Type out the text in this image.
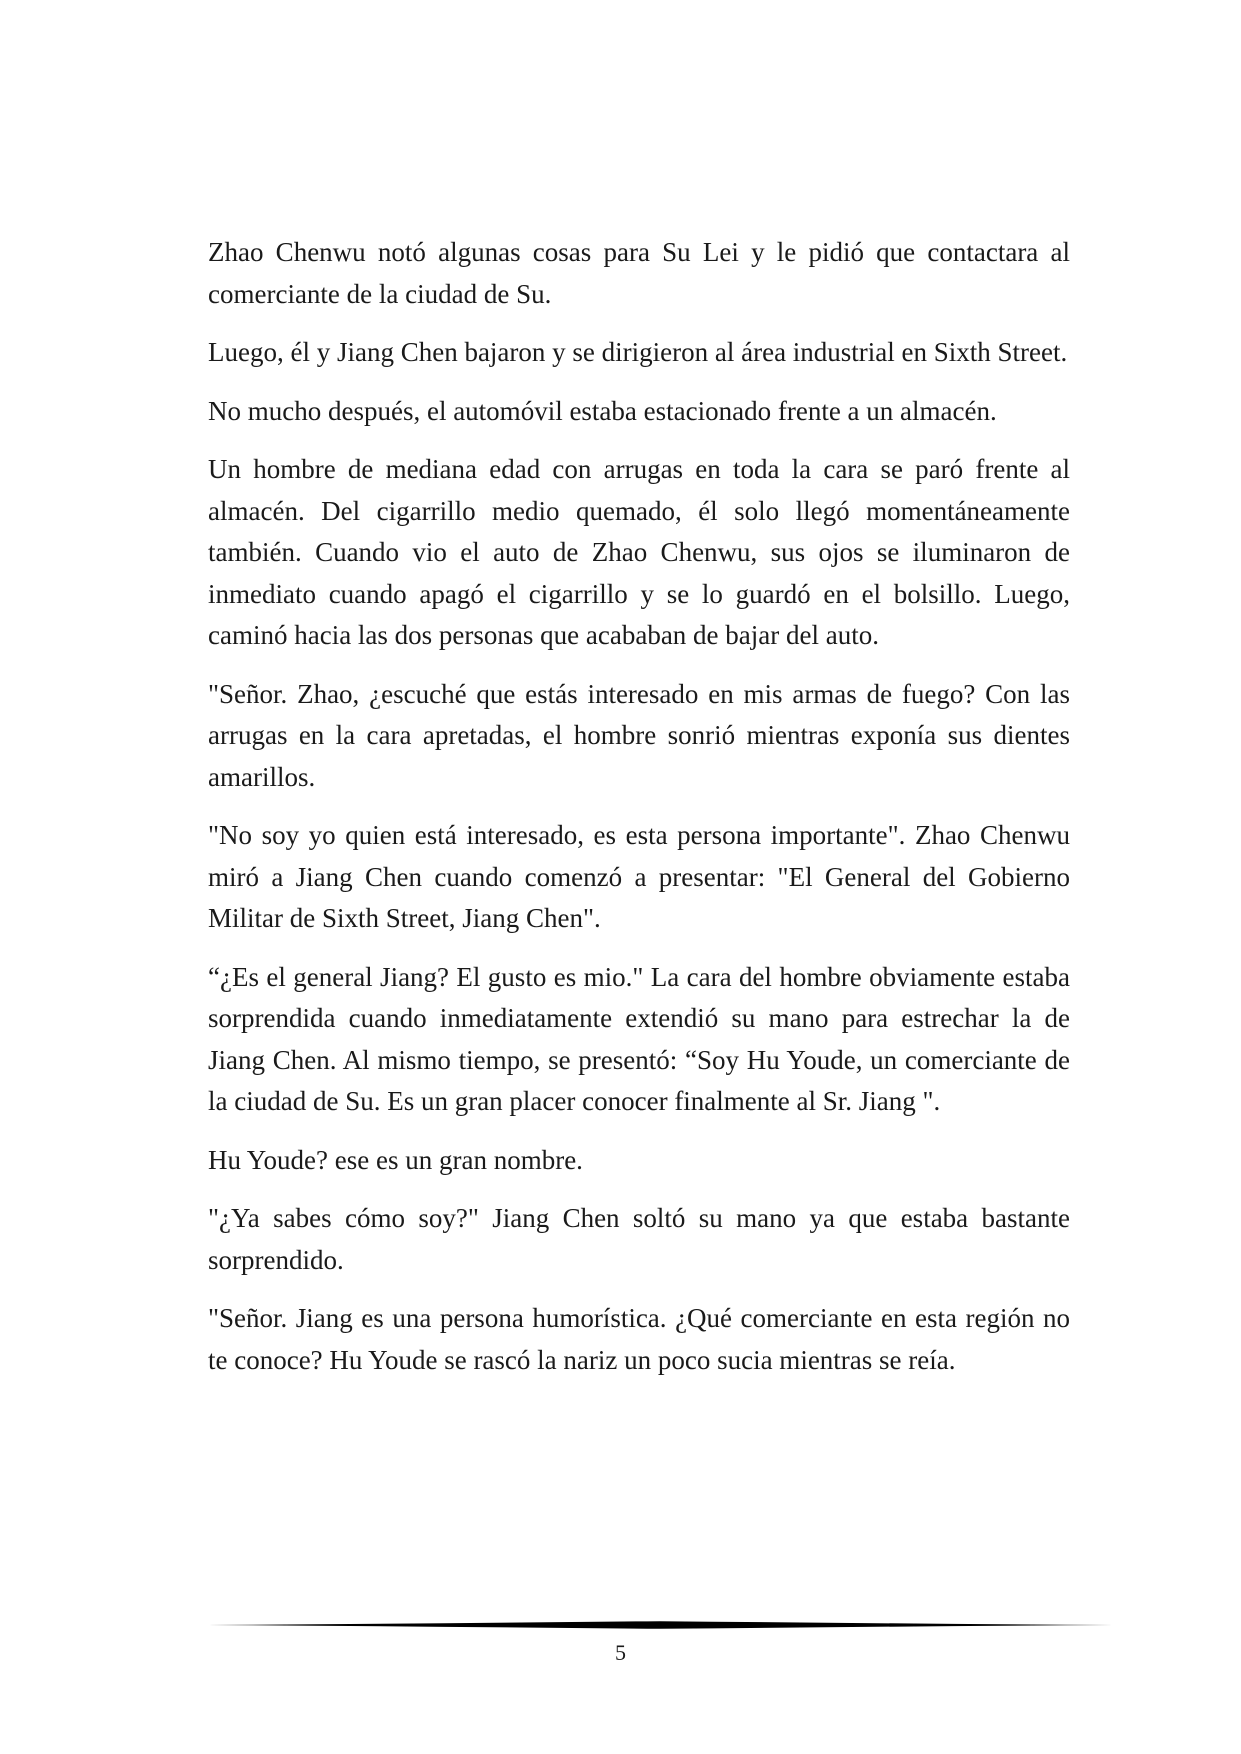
Zhao Chenwu notó algunas cosas para Su Lei y le pidió que contactara al comerciante de la ciudad de Su.

Luego, él y Jiang Chen bajaron y se dirigieron al área industrial en Sixth Street.

No mucho después, el automóvil estaba estacionado frente a un almacén.

Un hombre de mediana edad con arrugas en toda la cara se paró frente al almacén. Del cigarrillo medio quemado, él solo llegó momentáneamente también. Cuando vio el auto de Zhao Chenwu, sus ojos se iluminaron de inmediato cuando apagó el cigarrillo y se lo guardó en el bolsillo. Luego, caminó hacia las dos personas que acababan de bajar del auto.

"Señor. Zhao, ¿escuché que estás interesado en mis armas de fuego? Con las arrugas en la cara apretadas, el hombre sonrió mientras exponía sus dientes amarillos.

"No soy yo quien está interesado, es esta persona importante". Zhao Chenwu miró a Jiang Chen cuando comenzó a presentar: "El General del Gobierno Militar de Sixth Street, Jiang Chen".

“¿Es el general Jiang? El gusto es mio." La cara del hombre obviamente estaba sorprendida cuando inmediatamente extendió su mano para estrechar la de Jiang Chen. Al mismo tiempo, se presentó: “Soy Hu Youde, un comerciante de la ciudad de Su. Es un gran placer conocer finalmente al Sr. Jiang ".

Hu Youde? ese es un gran nombre.

"¿Ya sabes cómo soy?" Jiang Chen soltó su mano ya que estaba bastante sorprendido.

"Señor. Jiang es una persona humorística. ¿Qué comerciante en esta región no te conoce? Hu Youde se rascó la nariz un poco sucia mientras se reía.

5
